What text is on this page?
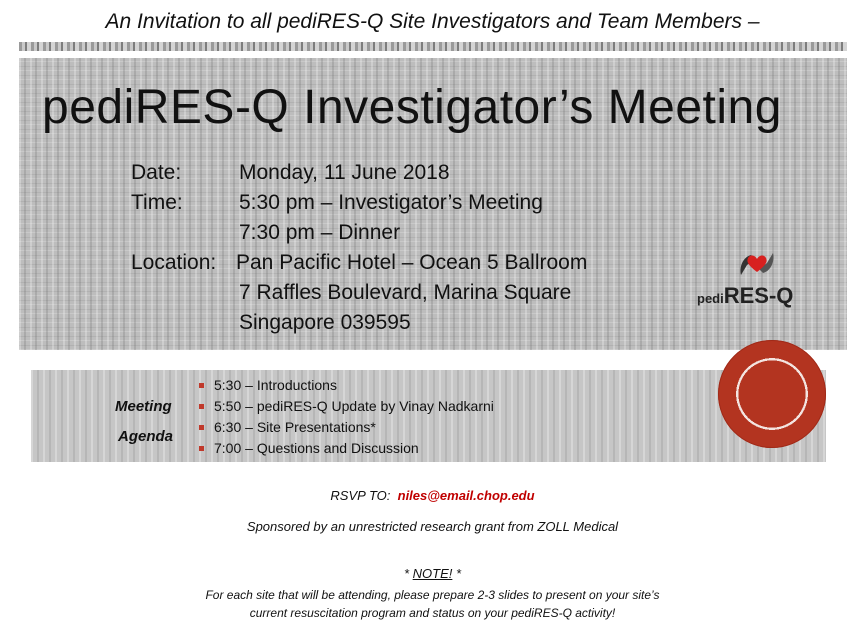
An Invitation to all pediRES-Q Site Investigators and Team Members –
pediRES-Q Investigator’s Meeting
Date:	Monday, 11 June 2018
Time:	5:30 pm – Investigator’s Meeting
7:30 pm – Dinner
Location: Pan Pacific Hotel – Ocean 5 Ballroom
7 Raffles Boulevard, Marina Square
Singapore 039595
pediRES-Q
Meeting
Agenda
5:30 – Introductions
5:50 – pediRES-Q Update by Vinay Nadkarni
6:30 – Site Presentations*
7:00 – Questions and Discussion
RSVP TO: niles@email.chop.edu
Sponsored by an unrestricted research grant from ZOLL Medical
* NOTE! *
For each site that will be attending, please prepare 2-3 slides to present on your site’s
current resuscitation program and status on your pediRES-Q activity!
